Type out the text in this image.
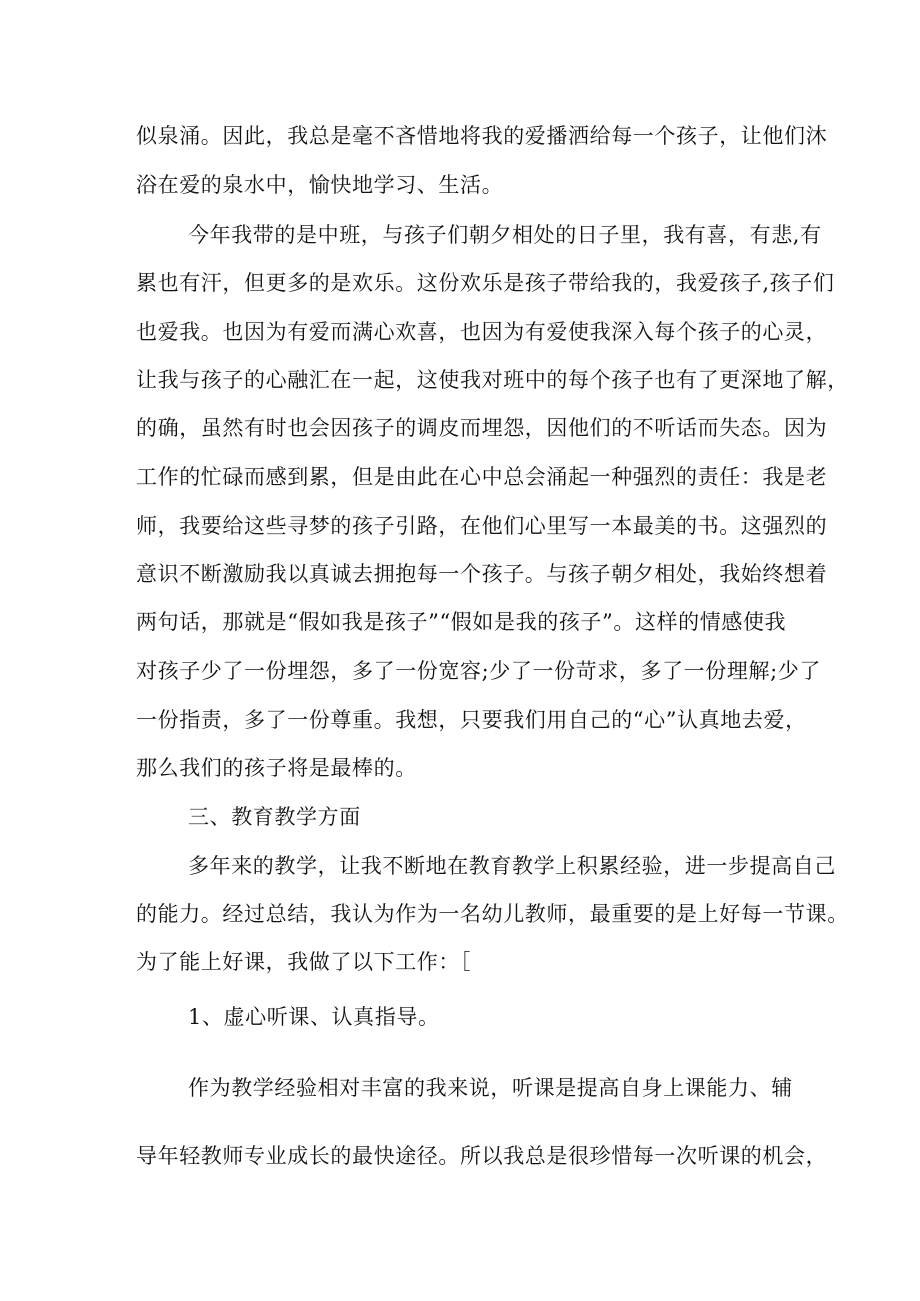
似泉涌。因此，我总是毫不吝惜地将我的爱播洒给每一个孩子，让他们沐
浴在爱的泉水中，愉快地学习、生活。
今年我带的是中班，与孩子们朝夕相处的日子里，我有喜，有悲,有
累也有汗，但更多的是欢乐。这份欢乐是孩子带给我的，我爱孩子,孩子们
也爱我。也因为有爱而满心欢喜，也因为有爱使我深入每个孩子的心灵，
让我与孩子的心融汇在一起，这使我对班中的每个孩子也有了更深地了解，
的确，虽然有时也会因孩子的调皮而埋怨，因他们的不听话而失态。因为
工作的忙碌而感到累，但是由此在心中总会涌起一种强烈的责任：我是老
师，我要给这些寻梦的孩子引路，在他们心里写一本最美的书。这强烈的
意识不断激励我以真诚去拥抱每一个孩子。与孩子朝夕相处，我始终想着
两句话，那就是“假如我是孩子”“假如是我的孩子”。这样的情感使我
对孩子少了一份埋怨，多了一份宽容;少了一份苛求，多了一份理解;少了
一份指责，多了一份尊重。我想，只要我们用自己的“心”认真地去爱，
那么我们的孩子将是最棒的。
三、教育教学方面
多年来的教学，让我不断地在教育教学上积累经验，进一步提高自己
的能力。经过总结，我认为作为一名幼儿教师，最重要的是上好每一节课。
为了能上好课，我做了以下工作：［
1、虚心听课、认真指导。
作为教学经验相对丰富的我来说，听课是提高自身上课能力、辅
导年轻教师专业成长的最快途径。所以我总是很珍惜每一次听课的机会，
